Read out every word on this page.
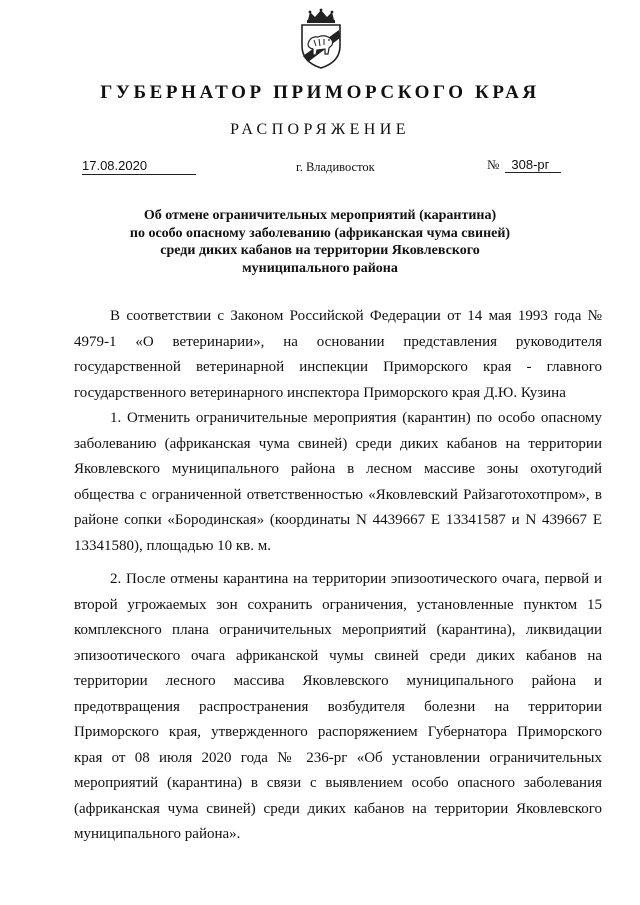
ГУБЕРНАТОР ПРИМОРСКОГО КРАЯ
РАСПОРЯЖЕНИЕ
17.08.2020	г. Владивосток	№ 308-рг
Об отмене ограничительных мероприятий (карантина)
по особо опасному заболеванию (африканская чума свиней)
среди диких кабанов на территории Яковлевского
муниципального района

В соответствии с Законом Российской Федерации от 14 мая 1993 года № 4979-1 «О ветеринарии», на основании представления руководителя государственной ветеринарной инспекции Приморского края - главного государственного ветеринарного инспектора Приморского края Д.Ю. Кузина

1. Отменить ограничительные мероприятия (карантин) по особо опасному заболеванию (африканская чума свиней) среди диких кабанов на территории Яковлевского муниципального района в лесном массиве зоны охотугодий общества с ограниченной ответственностью «Яковлевский Райзаготохотпром», в районе сопки «Бородинская» (координаты N 4439667 E 13341587 и N 439667 E 13341580), площадью 10 кв. м.

2. После отмены карантина на территории эпизоотического очага, первой и второй угрожаемых зон сохранить ограничения, установленные пунктом 15 комплексного плана ограничительных мероприятий (карантина), ликвидации эпизоотического очага африканской чумы свиней среди диких кабанов на территории лесного массива Яковлевского муниципального района и предотвращения распространения возбудителя болезни на территории Приморского края, утвержденного распоряжением Губернатора Приморского края от 08 июля 2020 года № 236-рг «Об установлении ограничительных мероприятий (карантина) в связи с выявлением особо опасного заболевания (африканская чума свиней) среди диких кабанов на территории Яковлевского муниципального района».
